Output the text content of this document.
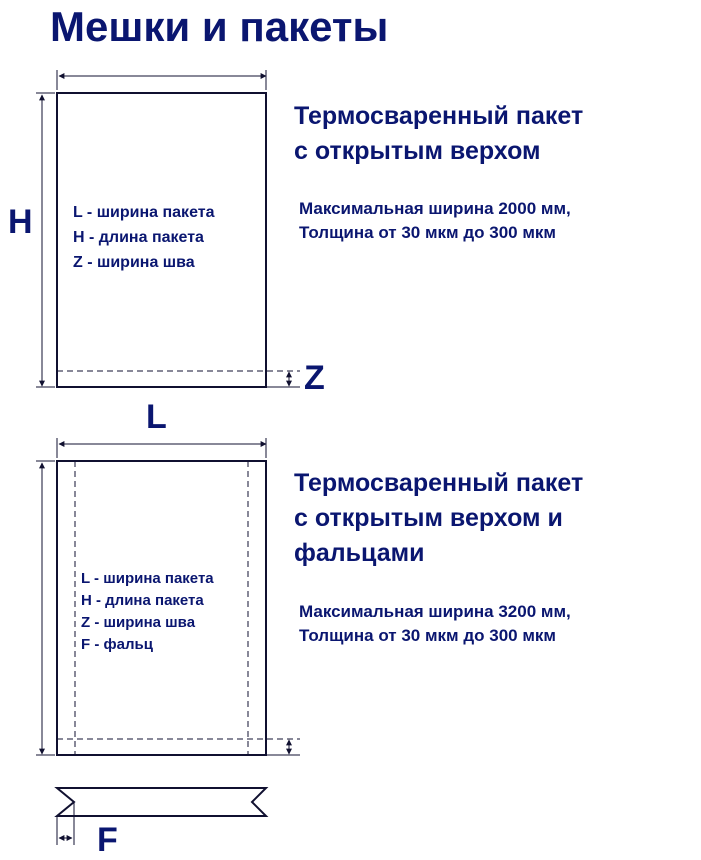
Мешки и пакеты
H
Z
L
L - ширина пакета
H - длина пакета
Z - ширина шва
Термосваренный пакет
с открытым верхом
Максимальная ширина 2000 мм,
Толщина от 30 мкм до 300 мкм
L - ширина пакета
H - длина пакета
Z - ширина шва
F - фальц
Термосваренный пакет
с открытым верхом и
фальцами
Максимальная ширина 3200 мм,
Толщина от 30 мкм до 300 мкм
F
